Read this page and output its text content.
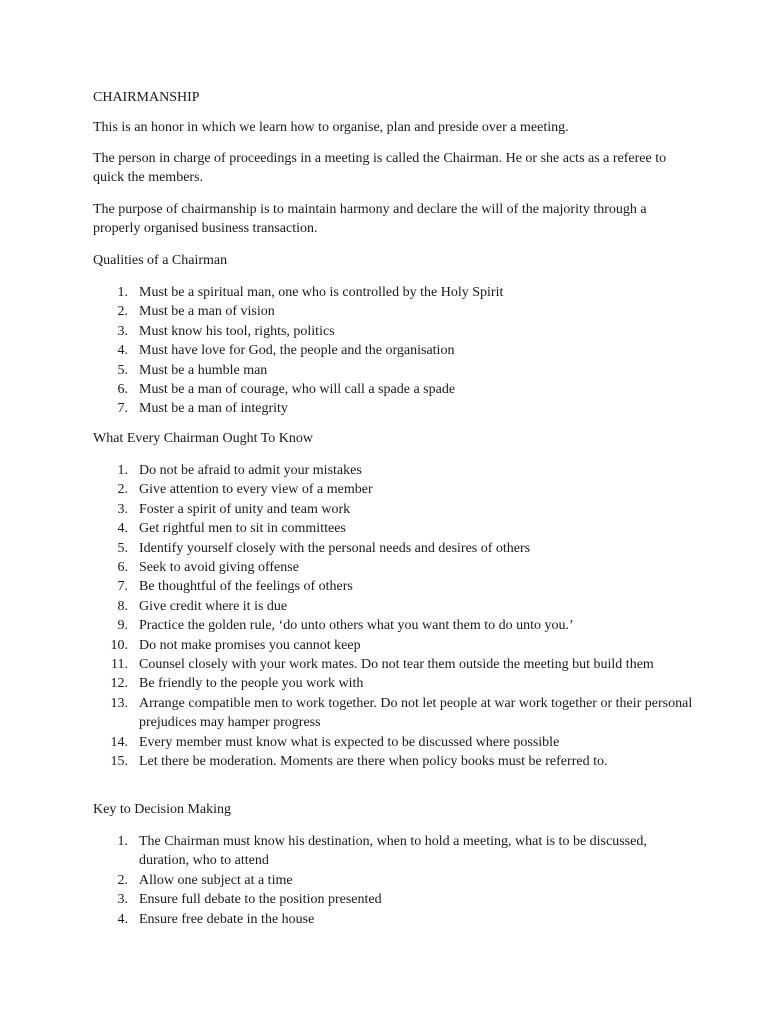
CHAIRMANSHIP

This is an honor in which we learn how to organise, plan and preside over a meeting.

The person in charge of proceedings in a meeting is called the Chairman. He or she acts as a referee to quick the members.

The purpose of chairmanship is to maintain harmony and declare the will of the majority through a properly organised business transaction.

Qualities of a Chairman

1. Must be a spiritual man, one who is controlled by the Holy Spirit
2. Must be a man of vision
3. Must know his tool, rights, politics
4. Must have love for God, the people and the organisation
5. Must be a humble man
6. Must be a man of courage, who will call a spade a spade
7. Must be a man of integrity

What Every Chairman Ought To Know

1. Do not be afraid to admit your mistakes
2. Give attention to every view of a member
3. Foster a spirit of unity and team work
4. Get rightful men to sit in committees
5. Identify yourself closely with the personal needs and desires of others
6. Seek to avoid giving offense
7. Be thoughtful of the feelings of others
8. Give credit where it is due
9. Practice the golden rule, ‘do unto others what you want them to do unto you.’
10. Do not make promises you cannot keep
11. Counsel closely with your work mates. Do not tear them outside the meeting but build them
12. Be friendly to the people you work with
13. Arrange compatible men to work together. Do not let people at war work together or their personal prejudices may hamper progress
14. Every member must know what is expected to be discussed where possible
15. Let there be moderation. Moments are there when policy books must be referred to.

Key to Decision Making

1. The Chairman must know his destination, when to hold a meeting, what is to be discussed, duration, who to attend
2. Allow one subject at a time
3. Ensure full debate to the position presented
4. Ensure free debate in the house
